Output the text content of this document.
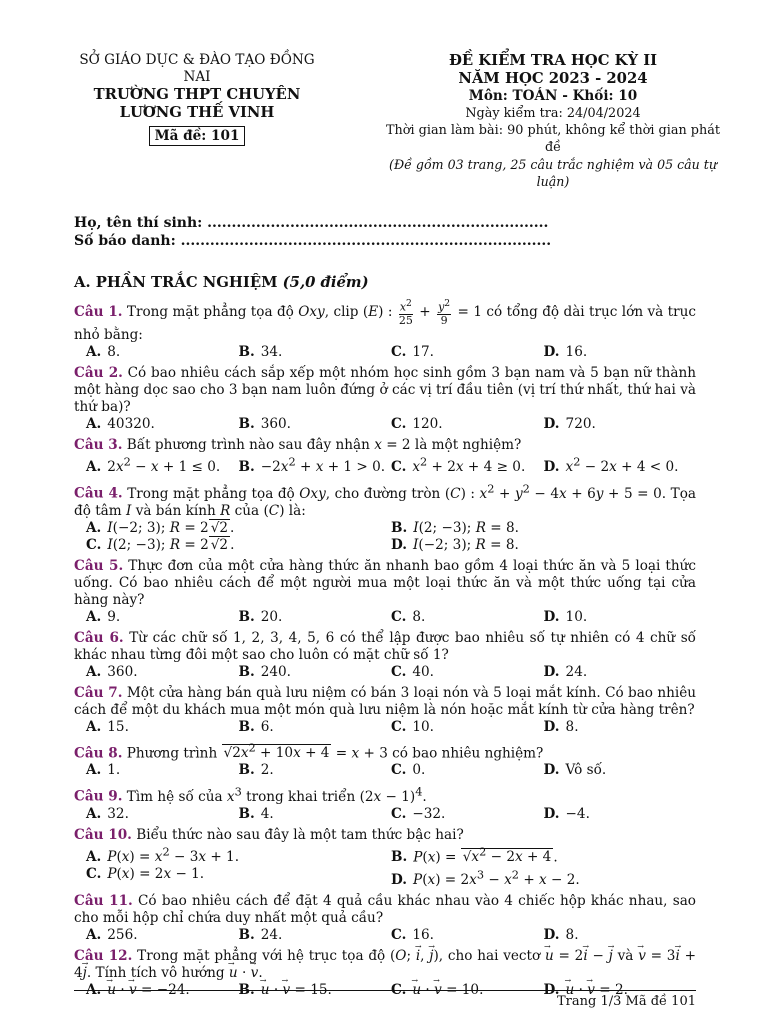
SỞ GIÁO DỤC & ĐÀO TẠO ĐỒNG NAI
TRƯỜNG THPT CHUYÊN
LƯƠNG THẾ VINH
Mã đề: 101
ĐỀ KIỂM TRA HỌC KỲ II
NĂM HỌC 2023 - 2024
Môn: TOÁN - Khối: 10
Ngày kiểm tra: 24/04/2024
Thời gian làm bài: 90 phút, không kể thời gian phát đề
(Đề gồm 03 trang, 25 câu trắc nghiệm và 05 câu tự luận)
Họ, tên thí sinh: ......................................................................
Số báo danh: ............................................................................
A. PHẦN TRẮC NGHIỆM (5,0 điểm)
Câu 1. Trong mặt phẳng tọa độ Oxy, clip (E) : $\frac{x^2}{25} + \frac{y^2}{9} = 1$ có tổng độ dài trục lớn và trục nhỏ bằng:
A. 8.	B. 34.	C. 17.	D. 16.
Câu 2. Có bao nhiêu cách sắp xếp một nhóm học sinh gồm 3 bạn nam và 5 bạn nữ thành một hàng dọc sao cho 3 bạn nam luôn đứng ở các vị trí đầu tiên (vị trí thứ nhất, thứ hai và thứ ba)?
A. 40320.	B. 360.	C. 120.	D. 720.
Câu 3. Bất phương trình nào sau đây nhận x = 2 là một nghiệm?
A. $2x^2 - x + 1 \le 0$.	B. $-2x^2 + x + 1 > 0$. C. $x^2 + 2x + 4 \ge 0$.	D. $x^2 - 2x + 4 < 0$.
Câu 4. Trong mặt phẳng tọa độ Oxy, cho đường tròn (C) : $x^2 + y^2 - 4x + 6y + 5 = 0$. Tọa độ tâm I và bán kính R của (C) là:
A. I(−2; 3); R = 2 √2 .	B. I(2; −3); R = 8.
C. I(2; −3); R = 2 √2 .	D. I(−2; 3); R = 8.
Câu 5. Thực đơn của một cửa hàng thức ăn nhanh bao gồm 4 loại thức ăn và 5 loại thức uống. Có bao nhiêu cách để một người mua một loại thức ăn và một thức uống tại cửa hàng này?
A. 9.	B. 20.	C. 8.	D. 10.
Câu 6. Từ các chữ số 1, 2, 3, 4, 5, 6 có thể lập được bao nhiêu số tự nhiên có 4 chữ số khác nhau từng đôi một sao cho luôn có mặt chữ số 1?
A. 360.	B. 240.	C. 40.	D. 24.
Câu 7. Một cửa hàng bán quà lưu niệm có bán 3 loại nón và 5 loại mắt kính. Có bao nhiêu cách để một du khách mua một món quà lưu niệm là nón hoặc mắt kính từ cửa hàng trên?
A. 15.	B. 6.	C. 10.	D. 8.
Câu 8. Phương trình $√2x^2 + 10x + 4 = x + 3$ có bao nhiêu nghiệm?
A. 1.	B. 2.	C. 0.	D. Vô số.
Câu 9. Tìm hệ số của $x^3$ trong khai triển $(2x - 1)^4$.
A. 32.	B. 4.	C. −32.	D. −4.
Câu 10. Biểu thức nào sau đây là một tam thức bậc hai?
A. $P(x) = x^2 - 3x + 1$.	B. $P(x) = √x^2 - 2x + 4$ .
C. P(x) = 2x − 1.	D. $P(x) = 2x^3 - x^2 + x - 2$.
Câu 11. Có bao nhiêu cách để đặt 4 quả cầu khác nhau vào 4 chiếc hộp khác nhau, sao cho mỗi hộp chỉ chứa duy nhất một quả cầu?
A. 256.	B. 24.	C. 16.	D. 8.
Câu 12. Trong mặt phẳng với hệ trục tọa độ (O; → i, → j), cho hai vectơ → u = 2→ i − → j và → v = 3→ i + 4→ j. Tính tích vô hướng → u · → v.
A. → u · → v = −24.	B. → u · → v = 15.	C. → u · → v = 10.	D. → u · → v = 2.
Trang 1/3 Mã đề 101
